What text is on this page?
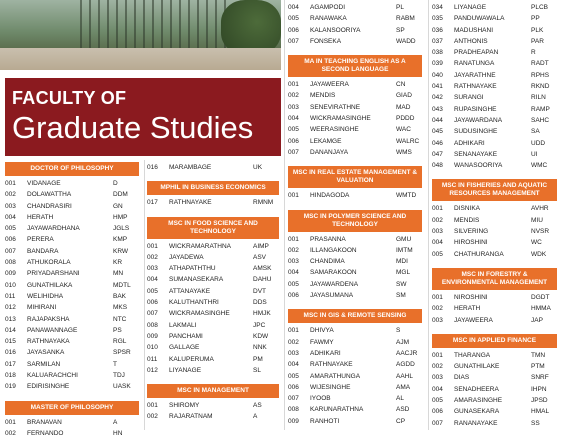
FACULTY OF
Graduate Studies
DOCTOR OF PHILOSOPHY
001	VIDANAGE	D
002	DOLAWATTHA	DDM
003	CHANDRASIRI	GN
004	HERATH	HMP
005	JAYAWARDHANA	JGLS
006	PERERA	KMP
007	BANDARA	KRW
008	ATHUKORALA	KR
009	PRIYADARSHANI	MN
010	GUNATHILAKA	MDTL
011	WELIHIDHA	BAK
012	MIHIRANI	MKS
013	RAJAPAKSHA	NTC
014	PANAWANNAGE	PS
015	RATHNAYAKA	RGL
016	JAYASANKA	SPSR
017	SARMILAN	T
018	KALUARACHCHI	TDJ
019	EDIRISINGHE	UASK
MASTER OF PHILOSOPHY
001	BRANAVAN	A
002	FERNANDO	HN
016	MARAMBAGE	UK
MPHIL IN BUSINESS ECONOMICS
017	RATHNAYAKE	RMNM
MSC IN FOOD SCIENCE AND TECHNOLOGY
001	WICKRAMARATHNA	AIMP
002	JAYADEWA	ASV
003	ATHAPATHTHU	AMSK
004	SUMANASEKARA	DAHU
005	ATTANAYAKE	DVT
006	KALUTHANTHRI	DDS
007	WICKRAMASINGHE	HMJK
008	LAKMALI	JPC
009	PANCHAMI	KDW
010	GALLAGE	NNK
011	KALUPERUMA	PM
012	LIYANAGE	SL
MSC IN MANAGEMENT
001	SHIROMY	AS
002	RAJARATNAM	A
004	AGAMPODI	PL
005	RANAWAKA	RABM
006	KALANSOORIYA	SP
007	FONSEKA	WADD
MA IN TEACHING ENGLISH AS A SECOND LANGUAGE
001	JAYAWEERA	CN
002	MENDIS	GIAD
003	SENEVIRATHNE	MAD
004	WICKRAMASINGHE	PDDD
005	WEERASINGHE	WAC
006	LEKAMGE	WALRC
007	DANANJAYA	WMS
MSC IN REAL ESTATE MANAGEMENT & VALUATION
001	HINDAGODA	WMTD
MSC IN POLYMER SCIENCE AND TECHNOLOGY
001	PRASANNA	GMU
002	ILLANGAKOON	IMTM
003	CHANDIMA	MDI
004	SAMARAKOON	MGL
005	JAYAWARDENA	SW
006	JAYASUMANA	SM
MSC IN GIS & REMOTE SENSING
001	DHIVYA	S
002	FAWMY	AJM
003	ADHIKARI	AACJR
004	RATHNAYAKE	AGDD
005	AMARATHUNGA	AAHL
006	WIJESINGHE	AMA
007	IYOOB	AL
008	KARUNARATHNA	ASD
009	RANHOTI	CP
034	LIYANAGE	PLCB
035	PANDUWAWALA	PP
036	MADUSHANI	PLK
037	ANTHONIS	PAR
038	PRADHEAPAN	R
039	RANATUNGA	RADT
040	JAYARATHNE	RPHS
041	RATHNAYAKE	RKND
042	SURANGI	RILN
043	RUPASINGHE	RAMP
044	JAYAWARDANA	SAHC
045	SUDUSINGHE	SA
046	ADHIKARI	UDD
047	SENANAYAKE	UI
048	WANASOORIYA	WMC
MSC IN FISHERIES AND AQUATIC RESOURCES MANAGEMENT
001	DISNIKA	AVHR
002	MENDIS	MIU
003	SILVERING	NVSR
004	HIROSHINI	WC
005	CHATHURANGA	WDK
MSC IN FORESTRY & ENVIRONMENTAL MANAGEMENT
001	NIROSHINI	DGDT
002	HERATH	HMMA
003	JAYAWEERA	JAP
MSC IN APPLIED FINANCE
001	THARANGA	TMN
002	GUNATHILAKE	PTM
003	DIAS	SNRF
004	SENADHEERA	IHPN
005	AMARASINGHE	JPSD
006	GUNASEKARA	HMAL
007	RANANAYAKE	SS
